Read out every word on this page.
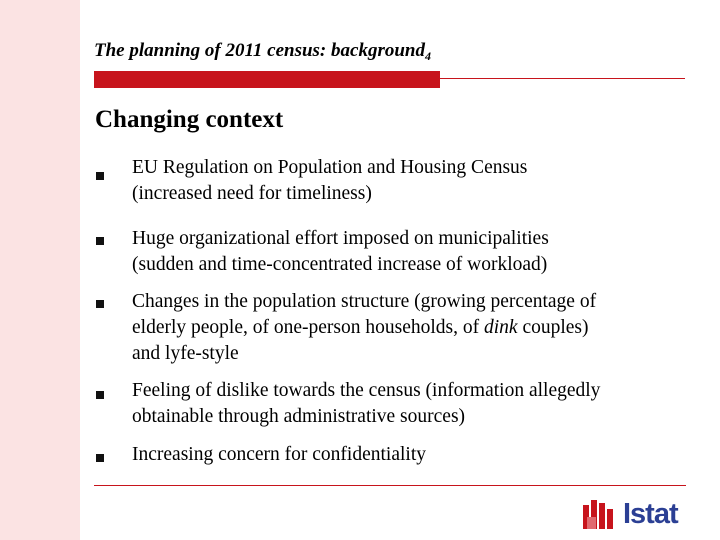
The planning of 2011 census: background$_4$
Changing context
EU Regulation on Population and Housing Census
(increased need for timeliness)
Huge organizational effort imposed on municipalities
(sudden and time-concentrated increase of workload)
Changes in the population structure (growing percentage of
elderly people, of one-person households, of dink couples)
and lyfe-style
Feeling of dislike towards the census (information allegedly
obtainable through administrative sources)
Increasing concern for confidentiality
Istat
